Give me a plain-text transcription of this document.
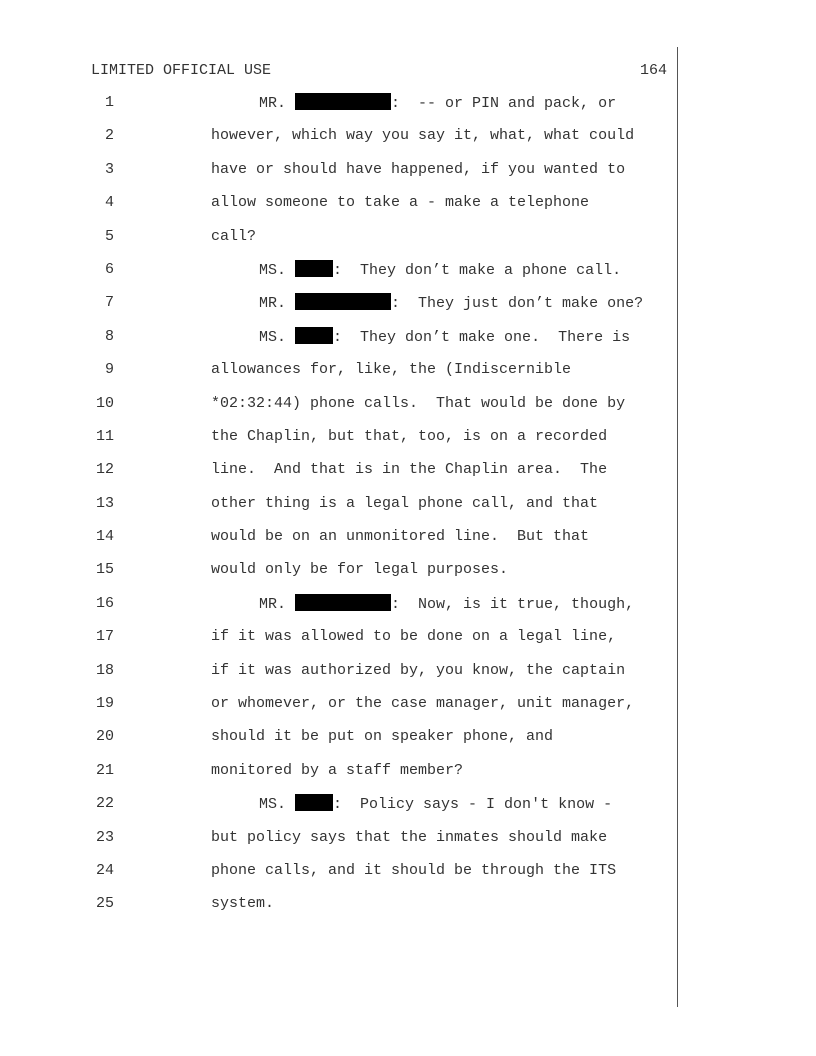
LIMITED OFFICIAL USE	164
1	MR.	:  -- or PIN and pack, or
2	however, which way you say it, what, what could
3	have or should have happened, if you wanted to
4	allow someone to take a - make a telephone
5	call?
6	MS.	:  They don’t make a phone call.
7	MR.	:  They just don’t make one?
8	MS.	:  They don’t make one.  There is
9	allowances for, like, the (Indiscernible
10	*02:32:44) phone calls.  That would be done by
11	the Chaplin, but that, too, is on a recorded
12	line.  And that is in the Chaplin area.  The
13	other thing is a legal phone call, and that
14	would be on an unmonitored line.  But that
15	would only be for legal purposes.
16	MR.	:  Now, is it true, though,
17	if it was allowed to be done on a legal line,
18	if it was authorized by, you know, the captain
19	or whomever, or the case manager, unit manager,
20	should it be put on speaker phone, and
21	monitored by a staff member?
22	MS.	:  Policy says - I don't know -
23	but policy says that the inmates should make
24	phone calls, and it should be through the ITS
25	system.
